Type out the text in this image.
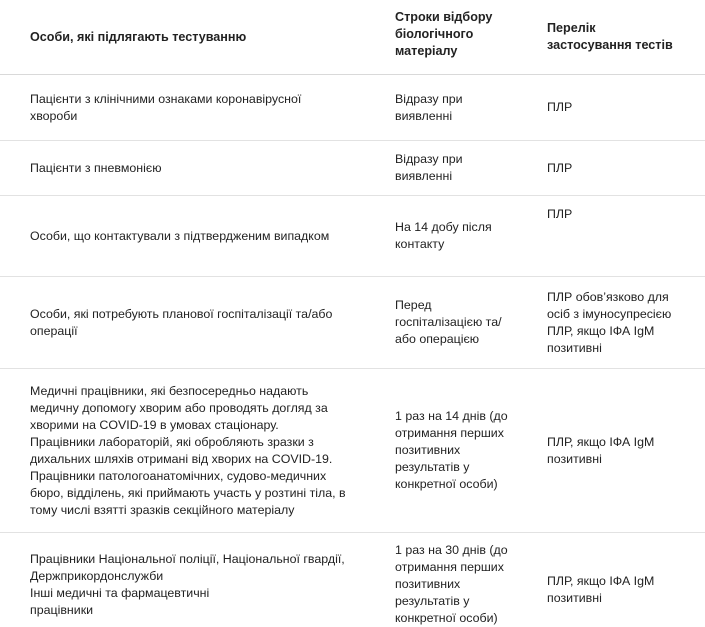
Особи, які підлягають тестуванню
Строки відбору
біологічного
матеріалу
Перелік
застосування тестів
Пацієнти з клінічними ознаками коронавірусної
хвороби
Відразу при
виявленні
ПЛР
Пацієнти з пневмонією
Відразу при
виявленні
ПЛР
Особи, що контактували з підтвердженим випадком
На 14 добу після
контакту
ПЛР
Особи, які потребують планової госпіталізації та/або
операції
Перед
госпіталізацією та/
або операцією
ПЛР обов’язково для
осіб з імуносупресією
ПЛР, якщо ІФА IgM
позитивні
Медичні працівники, які безпосередньо надають
медичну допомогу хворим або проводять догляд за
хворими на COVID-19 в умовах стаціонару.
Працівники лабораторій, які обробляють зразки з
дихальних шляхів отримані від хворих на COVID-19.
Працівники патологоанатомічних, судово-медичних
бюро, відділень, які приймають участь у розтині тіла, в
тому числі взятті зразків секційного матеріалу
1 раз на 14 днів (до
отримання перших
позитивних
результатів у
конкретної особи)
ПЛР, якщо ІФА IgM
позитивні
Працівники Національної поліції, Національної гвардії,
Держприкордонслужби
Інші медичні та фармацевтичні
працівники
1 раз на 30 днів (до
отримання перших
позитивних
результатів у
конкретної особи)
ПЛР, якщо ІФА IgM
позитивні
